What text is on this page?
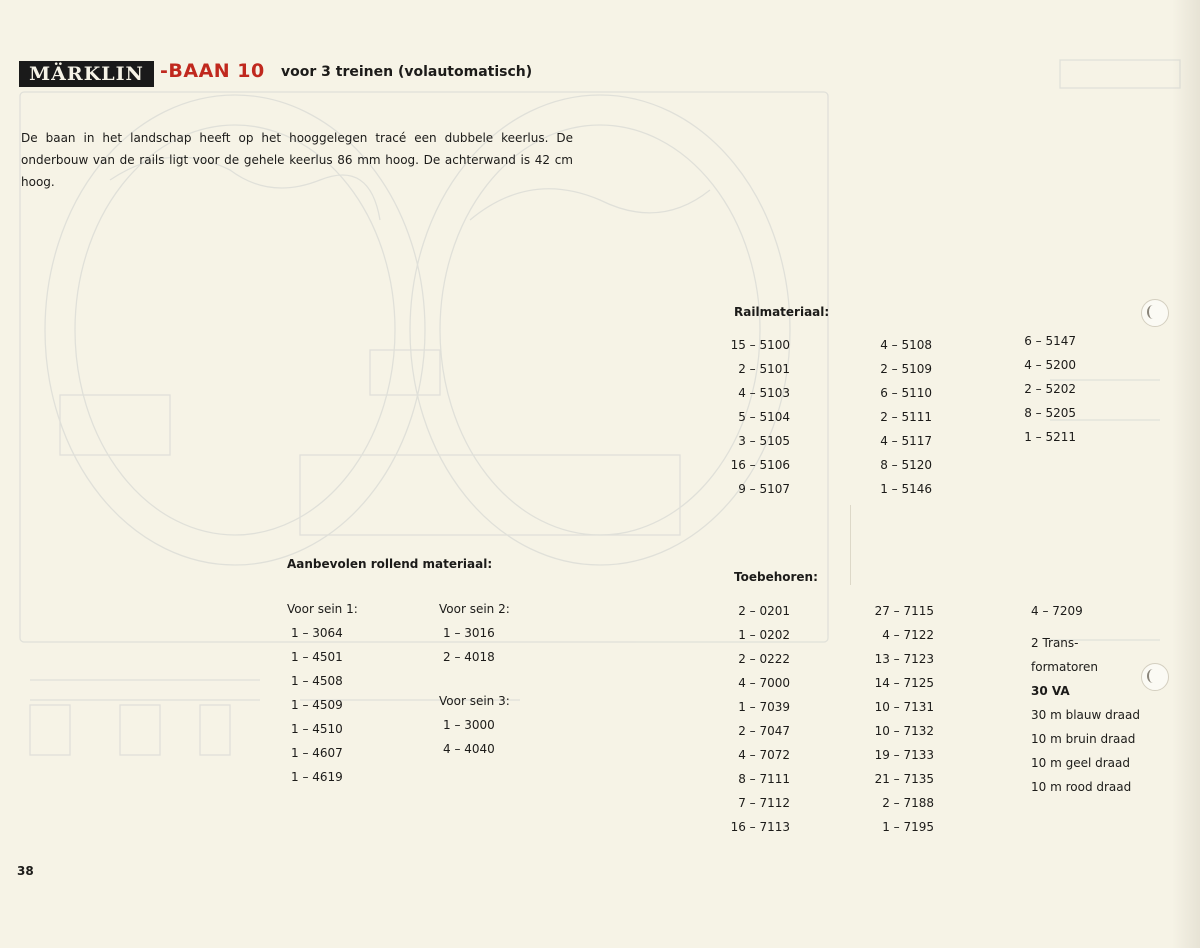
MÄRKLIN -BAAN 10 voor 3 treinen (volautomatisch)
De baan in het landschap heeft op het hooggelegen tracé een dubbele keerlus. De onderbouw van de rails ligt voor de gehele keerlus 86 mm hoog. De achterwand is 42 cm hoog.
Railmateriaal:
15 – 5100
2 – 5101
4 – 5103
5 – 5104
3 – 5105
16 – 5106
9 – 5107
4 – 5108
2 – 5109
6 – 5110
2 – 5111
4 – 5117
8 – 5120
1 – 5146
6 – 5147
4 – 5200
2 – 5202
8 – 5205
1 – 5211
Aanbevolen rollend materiaal:
Voor sein 1:
1 – 3064
1 – 4501
1 – 4508
1 – 4509
1 – 4510
1 – 4607
1 – 4619
Voor sein 2:
1 – 3016
2 – 4018
Voor sein 3:
1 – 3000
4 – 4040
Toebehoren:
2 – 0201
1 – 0202
2 – 0222
4 – 7000
1 – 7039
2 – 7047
4 – 7072
8 – 7111
7 – 7112
16 – 7113
27 – 7115
4 – 7122
13 – 7123
14 – 7125
10 – 7131
10 – 7132
19 – 7133
21 – 7135
2 – 7188
1 – 7195
4 – 7209
2 Trans-
formatoren
30 VA
30 m blauw draad
10 m bruin draad
10 m geel draad
10 m rood draad
38
